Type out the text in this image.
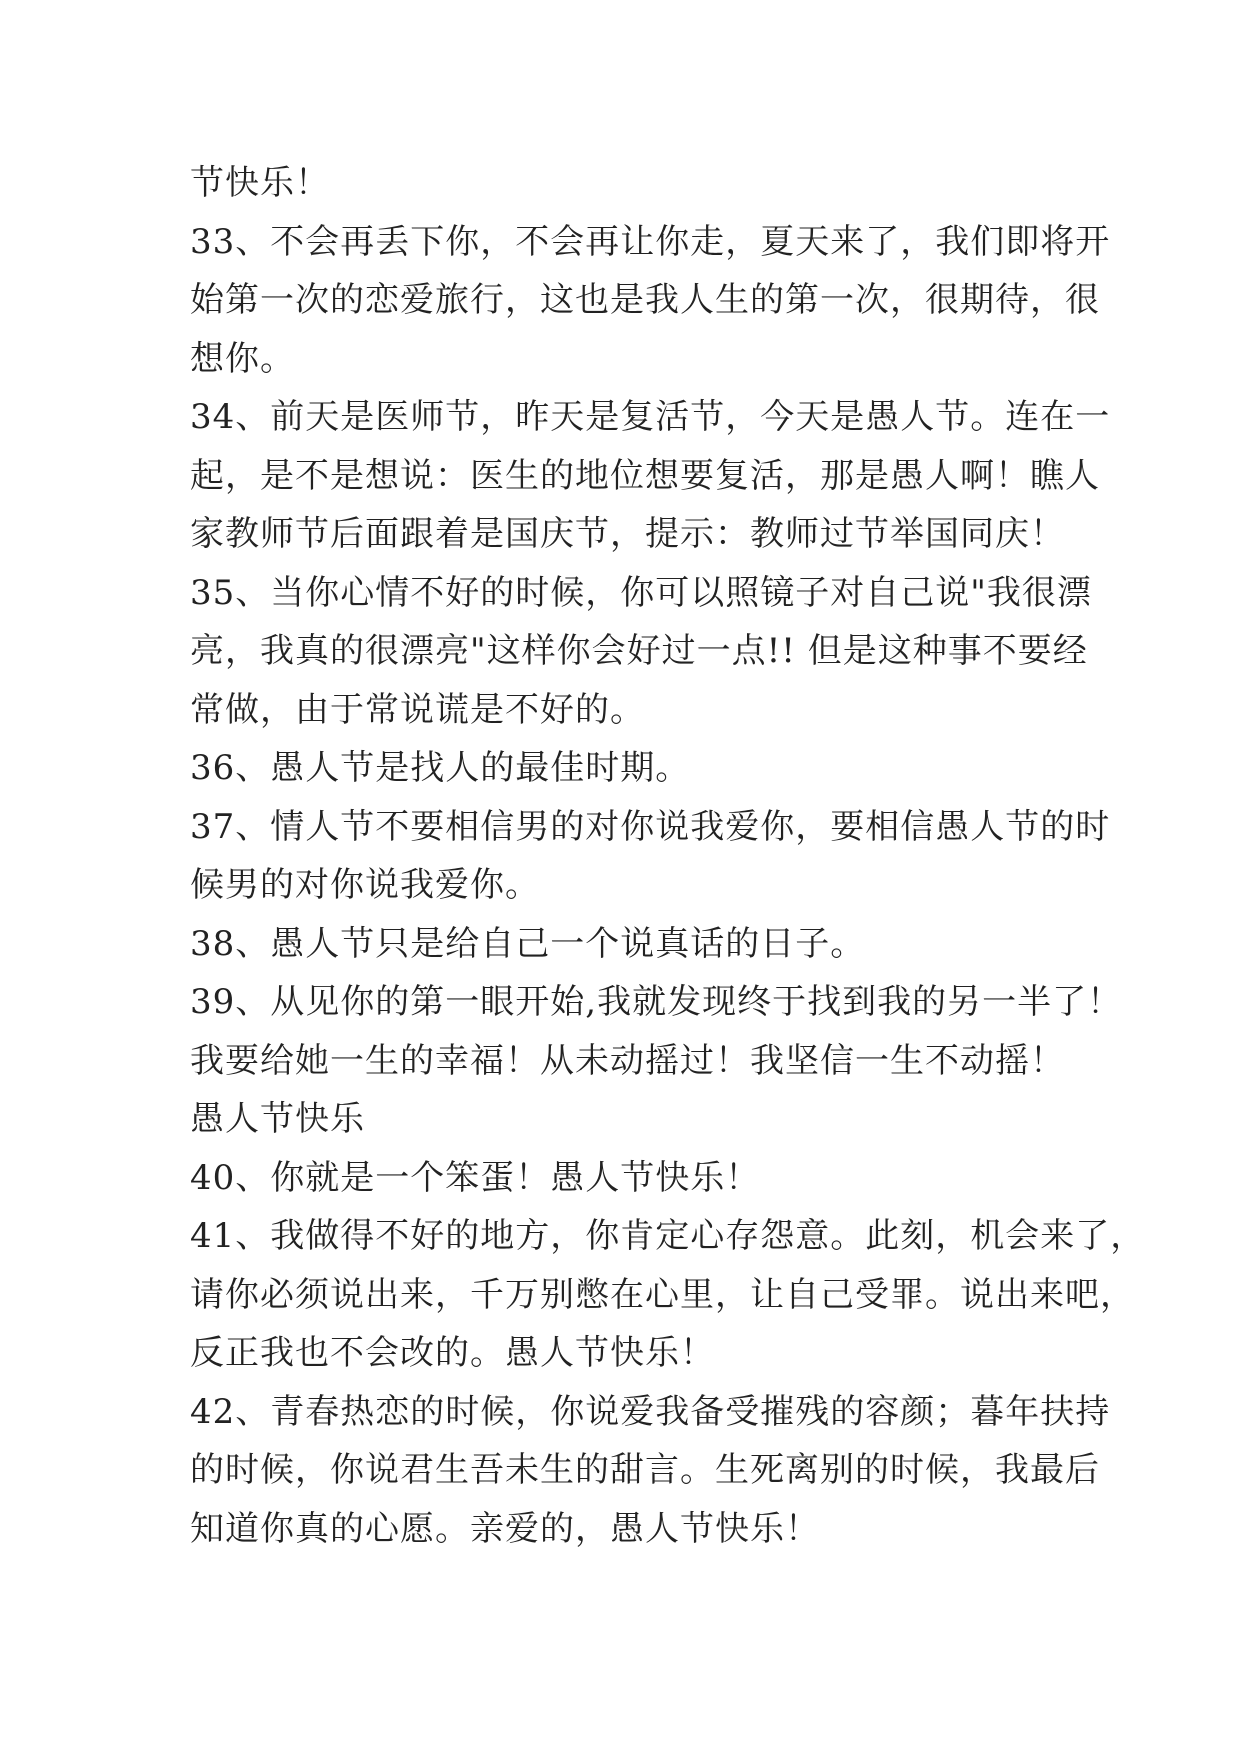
节快乐！
33、不会再丢下你，不会再让你走，夏天来了，我们即将开
始第一次的恋爱旅行，这也是我人生的第一次，很期待，很
想你。
34、前天是医师节，昨天是复活节，今天是愚人节。连在一
起，是不是想说：医生的地位想要复活，那是愚人啊！瞧人
家教师节后面跟着是国庆节，提示：教师过节举国同庆！
35、当你心情不好的时候，你可以照镜子对自己说"我很漂
亮，我真的很漂亮"这样你会好过一点!! 但是这种事不要经
常做，由于常说谎是不好的。
36、愚人节是找人的最佳时期。
37、情人节不要相信男的对你说我爱你，要相信愚人节的时
候男的对你说我爱你。
38、愚人节只是给自己一个说真话的日子。
39、从见你的第一眼开始,我就发现终于找到我的另一半了！
我要给她一生的幸福！从未动摇过！我坚信一生不动摇！
愚人节快乐
40、你就是一个笨蛋！愚人节快乐！
41、我做得不好的地方，你肯定心存怨意。此刻，机会来了，
请你必须说出来，千万别憋在心里，让自己受罪。说出来吧，
反正我也不会改的。愚人节快乐！
42、青春热恋的时候，你说爱我备受摧残的容颜；暮年扶持
的时候，你说君生吾未生的甜言。生死离别的时候，我最后
知道你真的心愿。亲爱的，愚人节快乐！
